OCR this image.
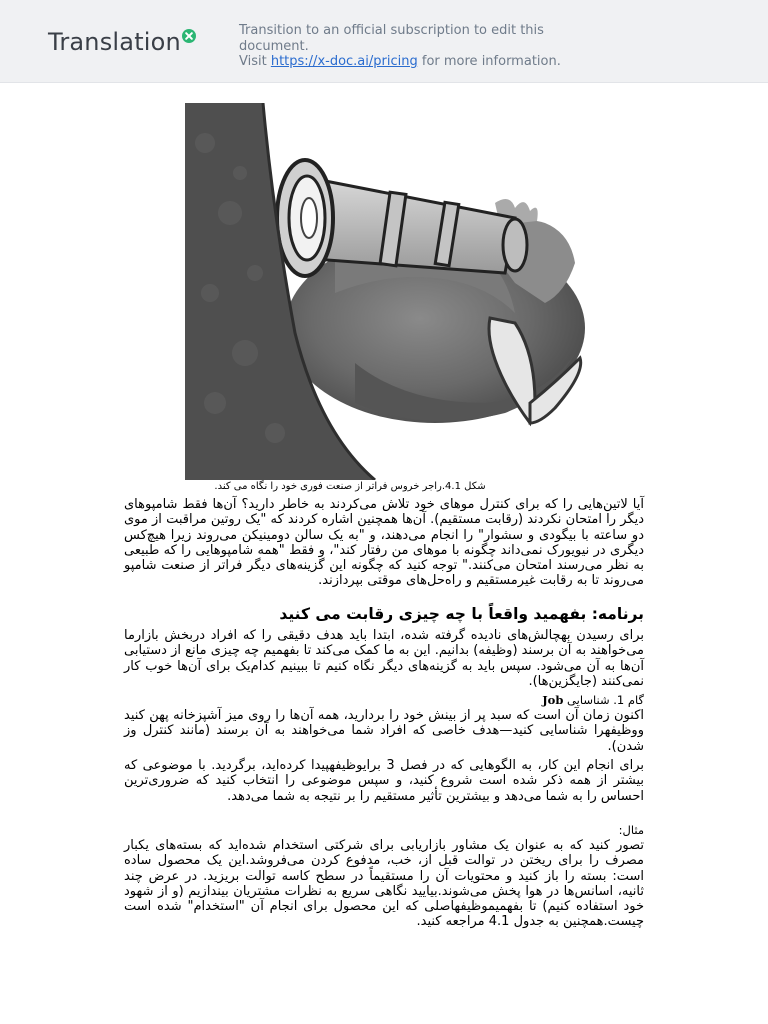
Translation	Transition to an official subscription to edit this document.
Visit https://x-doc.ai/pricing for more information.
شکل 4.1.راجر خروس فراتر از صنعت فوری خود را نگاه می کند.
آیا لاتین‌هایی را که برای کنترل موهای خود تلاش می‌کردند به خاطر دارید؟ آن‌ها فقط شامپوهای دیگر را امتحان نکردند (رقابت مستقیم). آن‌ها همچنین اشاره کردند که "یک روتین مراقبت از موی دو ساعته با بیگودی و سشوار" را انجام می‌دهند، و "به یک سالن دومینیکن می‌روند زیرا هیچ‌کس دیگری در نیویورک نمی‌داند چگونه با موهای من رفتار کند"، و فقط "همه شامپوهایی را که طبیعی به نظر می‌رسند امتحان می‌کنند." توجه کنید که چگونه این گزینه‌های دیگر فراتر از صنعت شامپو می‌روند تا به رقابت غیرمستقیم و راه‌حل‌های موقتی بپردازند.
برنامه: بفهمید واقعاً با چه چیزی رقابت می کنید
برای رسیدن بهچالش‌های نادیده گرفته شده، ابتدا باید هدف دقیقی را که افراد دربخش بازارما می‌خواهند به آن برسند (وظیفه) بدانیم. این به ما کمک می‌کند تا بفهمیم چه چیزی مانع از دستیابی آن‌ها به آن می‌شود. سپس باید به گزینه‌های دیگر نگاه کنیم تا ببینیم کدام‌یک برای آن‌ها خوب کار نمی‌کنند (جایگزین‌ها).
گام 1. شناسایی Job
اکنون زمان آن است که سبد پر از بینش خود را بردارید، همه آن‌ها را روی میز آشپزخانه پهن کنید ووظیفهرا شناسایی کنید—هدف خاصی که افراد شما می‌خواهند به آن برسند (مانند کنترل وز شدن).
برای انجام این کار، به الگوهایی که در فصل 3 برایوظیفهپیدا کرده‌اید، برگردید. با موضوعی که بیشتر از همه ذکر شده است شروع کنید، و سپس موضوعی را انتخاب کنید که ضروری‌ترین احساس را به شما می‌دهد و بیشترین تأثیر مستقیم را بر نتیجه به شما می‌دهد.
مثال:
تصور کنید که به عنوان یک مشاور بازاریابی برای شرکتی استخدام شده‌اید که بسته‌های یکبار مصرف را برای ریختن در توالت قبل از، خب، مدفوع کردن می‌فروشد.این یک محصول ساده است: بسته را باز کنید و محتویات آن را مستقیماً در سطح کاسه توالت بریزید. در عرض چند ثانیه، اسانس‌ها در هوا پخش می‌شوند.بیایید نگاهی سریع به نظرات مشتریان بیندازیم (و از شهود خود استفاده کنیم) تا بفهمیموظیفهاصلی که این محصول برای انجام آن "استخدام" شده است چیست.همچنین به جدول 4.1 مراجعه کنید.
